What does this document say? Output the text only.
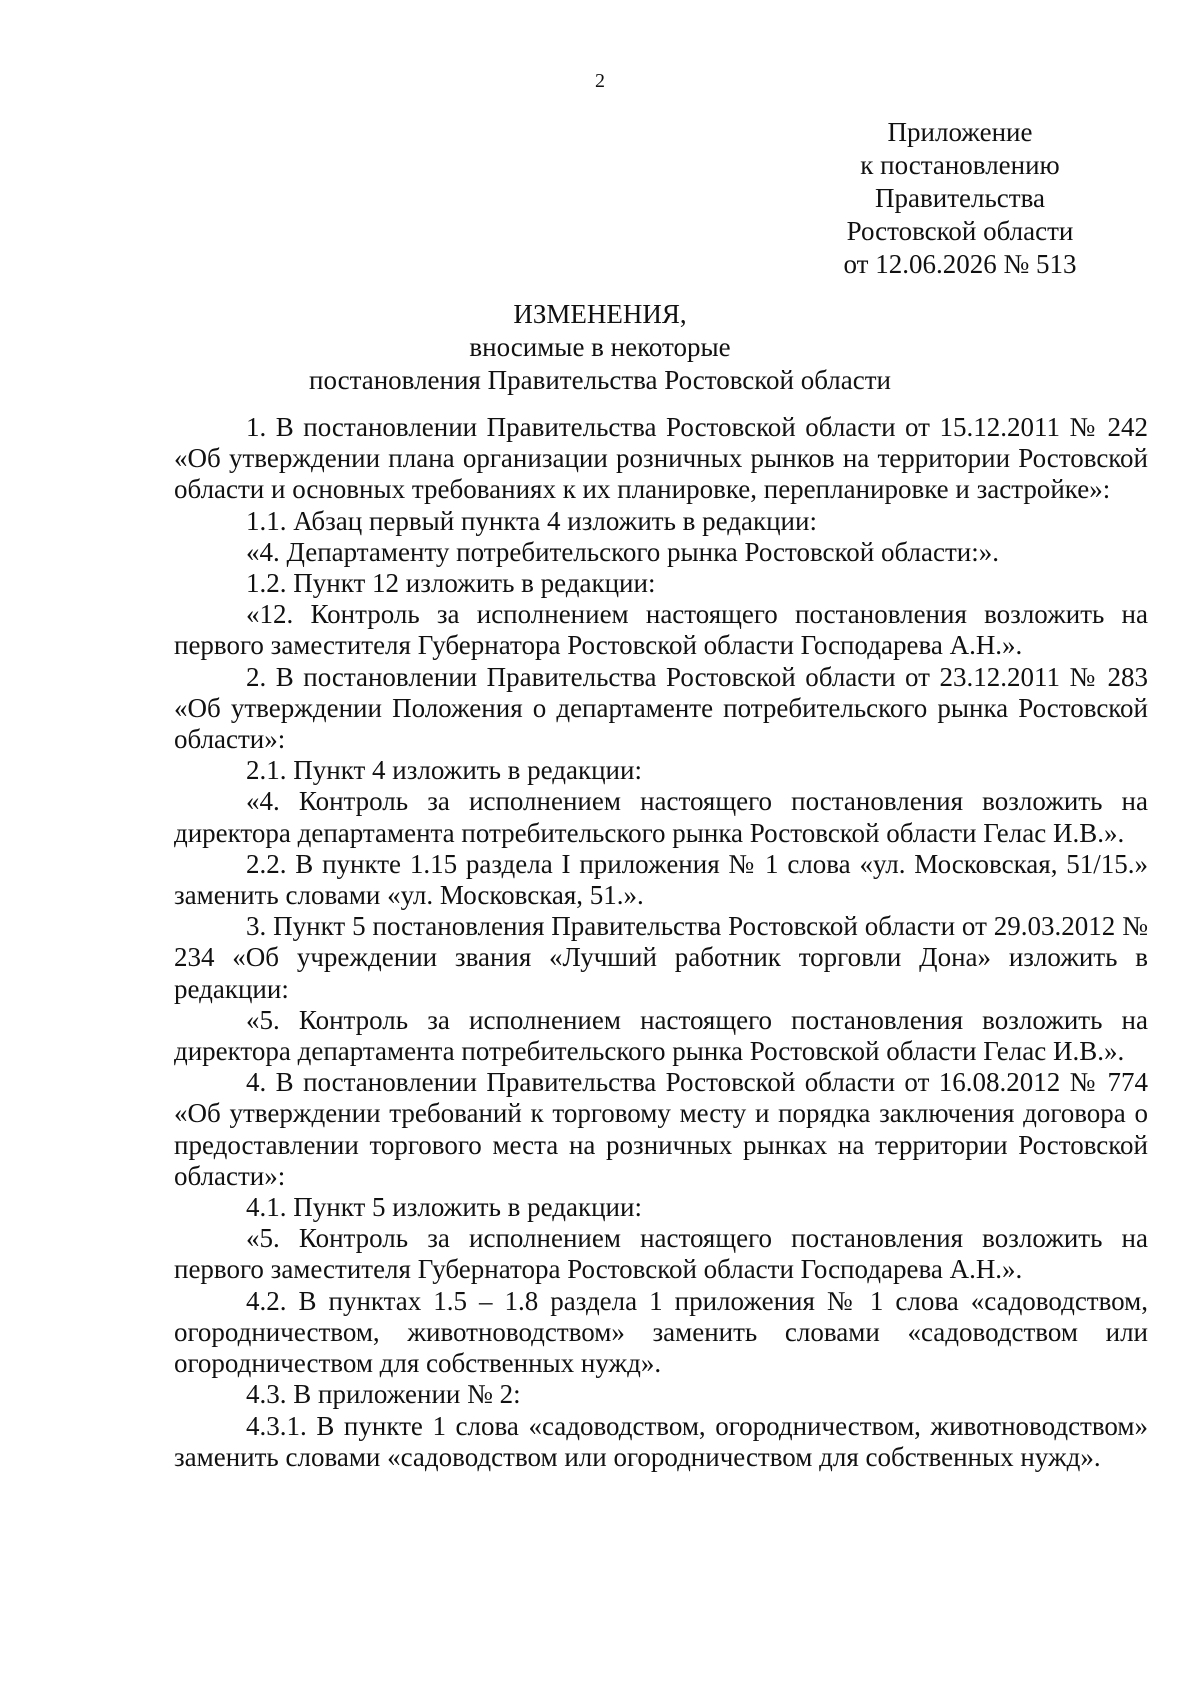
2
Приложение
к постановлению
Правительства
Ростовской области
от 12.06.2026 № 513
ИЗМЕНЕНИЯ,
вносимые в некоторые
постановления Правительства Ростовской области

1. В постановлении Правительства Ростовской области от 15.12.2011 № 242 «Об утверждении плана организации розничных рынков на территории Ростовской области и основных требованиях к их планировке, перепланировке и застройке»:

1.1. Абзац первый пункта 4 изложить в редакции:

«4. Департаменту потребительского рынка Ростовской области:».

1.2. Пункт 12 изложить в редакции:

«12. Контроль за исполнением настоящего постановления возложить на первого заместителя Губернатора Ростовской области Господарева А.Н.».

2. В постановлении Правительства Ростовской области от 23.12.2011 № 283 «Об утверждении Положения о департаменте потребительского рынка Ростовской области»:

2.1. Пункт 4 изложить в редакции:

«4. Контроль за исполнением настоящего постановления возложить на директора департамента потребительского рынка Ростовской области Гелас И.В.».

2.2. В пункте 1.15 раздела I приложения № 1 слова «ул. Московская, 51/15.» заменить словами «ул. Московская, 51.».

3. Пункт 5 постановления Правительства Ростовской области от 29.03.2012 № 234 «Об учреждении звания «Лучший работник торговли Дона» изложить в редакции:

«5. Контроль за исполнением настоящего постановления возложить на директора департамента потребительского рынка Ростовской области Гелас И.В.».

4. В постановлении Правительства Ростовской области от 16.08.2012 № 774 «Об утверждении требований к торговому месту и порядка заключения договора о предоставлении торгового места на розничных рынках на территории Ростовской области»:

4.1. Пункт 5 изложить в редакции:

«5. Контроль за исполнением настоящего постановления возложить на первого заместителя Губернатора Ростовской области Господарева А.Н.».

4.2. В пунктах 1.5 – 1.8 раздела 1 приложения № 1 слова «садоводством, огородничеством, животноводством» заменить словами «садоводством или огородничеством для собственных нужд».

4.3. В приложении № 2:

4.3.1. В пункте 1 слова «садоводством, огородничеством, животноводством» заменить словами «садоводством или огородничеством для собственных нужд».
